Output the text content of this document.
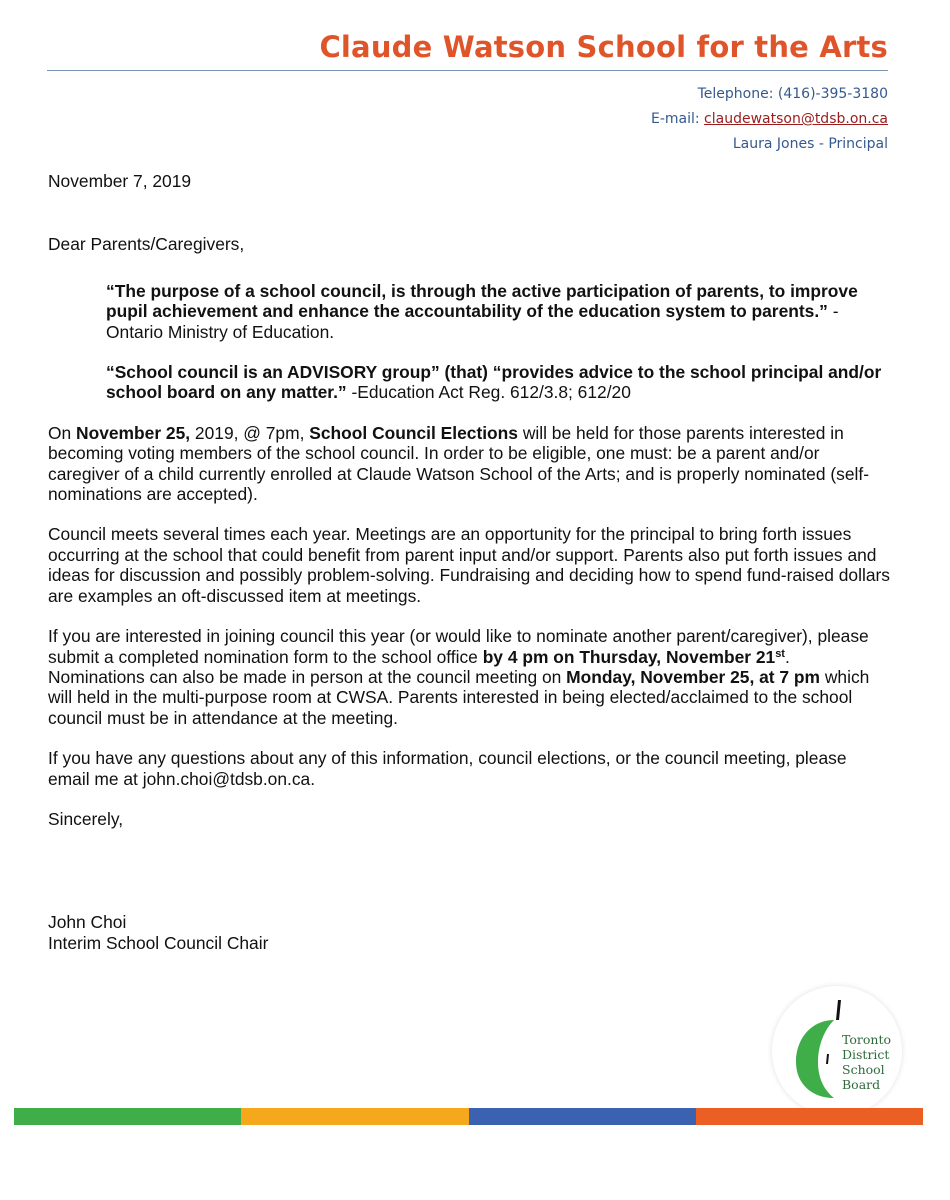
Claude Watson School for the Arts
Telephone: (416)-395-3180
E-mail: claudewatson@tdsb.on.ca
Laura Jones - Principal

November 7, 2019

Dear Parents/Caregivers,

“The purpose of a school council, is through the active participation of parents, to improve pupil achievement and enhance the accountability of the education system to parents.” -Ontario Ministry of Education.

“School council is an ADVISORY group” (that) “provides advice to the school principal and/or school board on any matter.” -Education Act Reg. 612/3.8; 612/20

On November 25, 2019, @ 7pm, School Council Elections will be held for those parents interested in becoming voting members of the school council. In order to be eligible, one must: be a parent and/or caregiver of a child currently enrolled at Claude Watson School of the Arts; and is properly nominated (self-nominations are accepted).

Council meets several times each year. Meetings are an opportunity for the principal to bring forth issues occurring at the school that could benefit from parent input and/or support. Parents also put forth issues and ideas for discussion and possibly problem-solving. Fundraising and deciding how to spend fund-raised dollars are examples an oft-discussed item at meetings.

If you are interested in joining council this year (or would like to nominate another parent/caregiver), please submit a completed nomination form to the school office by 4 pm on Thursday, November 21st. Nominations can also be made in person at the council meeting on Monday, November 25, at 7 pm which will held in the multi-purpose room at CWSA. Parents interested in being elected/acclaimed to the school council must be in attendance at the meeting.

If you have any questions about any of this information, council elections, or the council meeting, please email me at john.choi@tdsb.on.ca.

Sincerely,

John Choi

Interim School Council Chair

Toronto
District
School
Board
